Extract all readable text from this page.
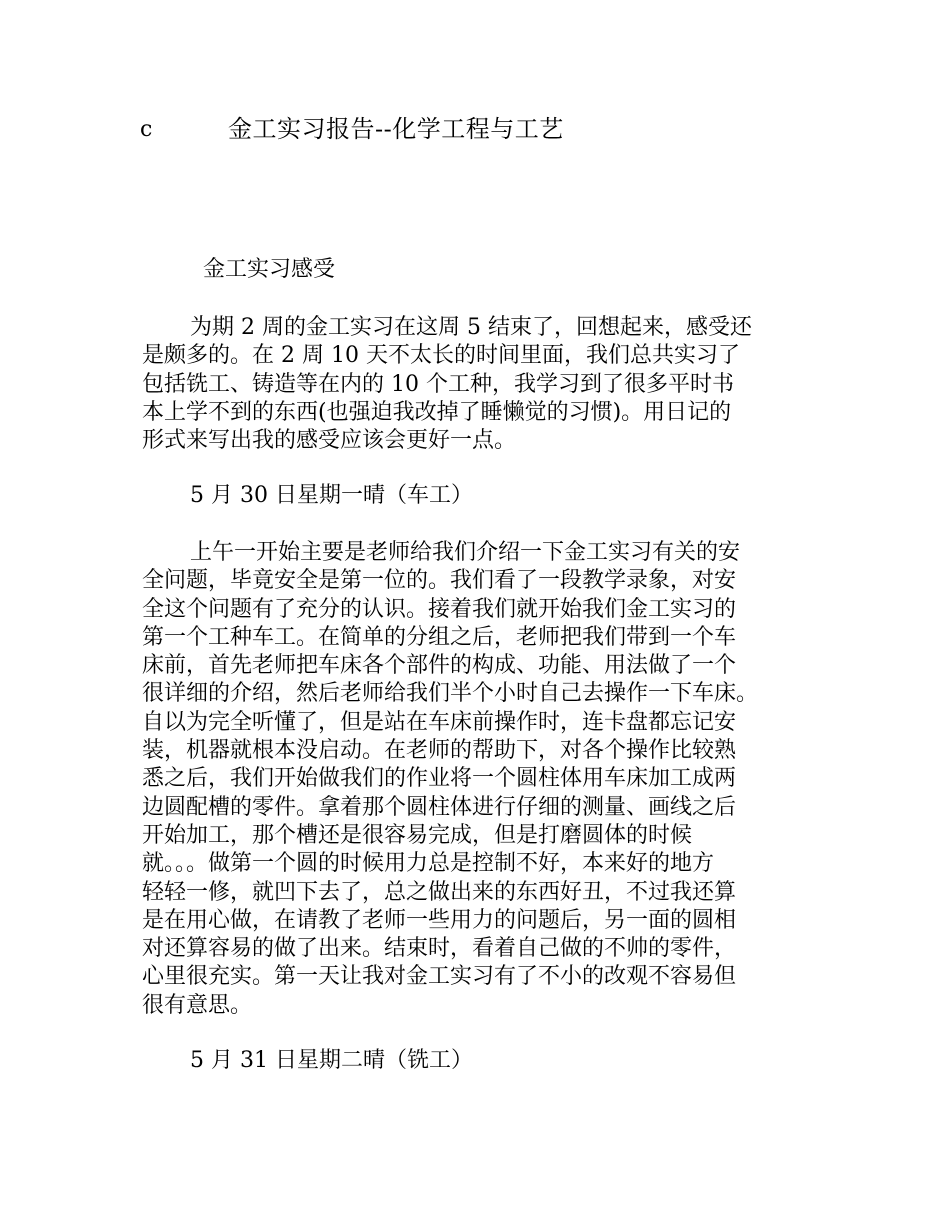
c	金工实习报告--化学工程与工艺
金工实习感受
为期 2 周的金工实习在这周 5 结束了，回想起来，感受还
是颇多的。在 2 周 10 天不太长的时间里面，我们总共实习了
包括铣工、铸造等在内的 10 个工种，我学习到了很多平时书
本上学不到的东西(也强迫我改掉了睡懒觉的习惯)。用日记的
形式来写出我的感受应该会更好一点。
5 月 30 日星期一晴（车工）
上午一开始主要是老师给我们介绍一下金工实习有关的安
全问题，毕竟安全是第一位的。我们看了一段教学录象，对安
全这个问题有了充分的认识。接着我们就开始我们金工实习的
第一个工种车工。在简单的分组之后，老师把我们带到一个车
床前，首先老师把车床各个部件的构成、功能、用法做了一个
很详细的介绍，然后老师给我们半个小时自己去操作一下车床。
自以为完全听懂了，但是站在车床前操作时，连卡盘都忘记安
装，机器就根本没启动。在老师的帮助下，对各个操作比较熟
悉之后，我们开始做我们的作业将一个圆柱体用车床加工成两
边圆配槽的零件。拿着那个圆柱体进行仔细的测量、画线之后
开始加工，那个槽还是很容易完成，但是打磨圆体的时候
就。。。做第一个圆的时候用力总是控制不好，本来好的地方
轻轻一修，就凹下去了，总之做出来的东西好丑，不过我还算
是在用心做，在请教了老师一些用力的问题后，另一面的圆相
对还算容易的做了出来。结束时，看着自己做的不帅的零件，
心里很充实。第一天让我对金工实习有了不小的改观不容易但
很有意思。
5 月 31 日星期二晴（铣工）
